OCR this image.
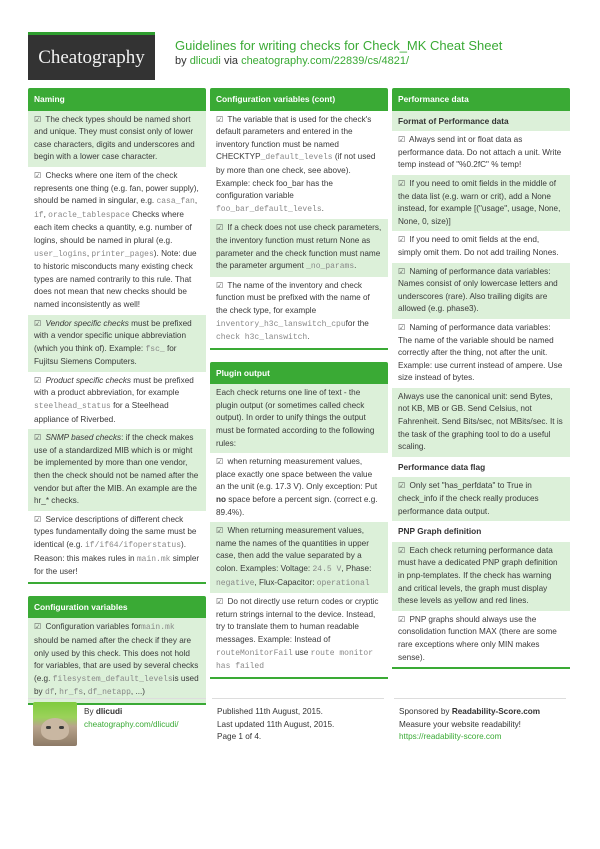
Cheatography
Guidelines for writing checks for Check_MK Cheat Sheet
by dlicudi via cheatography.com/22839/cs/4821/
Naming
☑ The check types should be named short and unique. They must consist only of lower case characters, digits and underscores and begin with a lower case character.
☑ Checks where one item of the check represents one thing (e.g. fan, power supply), should be named in singular, e.g. casa_fan, if, oracle_tablespace Checks where each item checks a quantity, e.g. number of logins, should be named in plural (e.g. user_logins, printer_pages). Note: due to historic misconducts many existing check types are named contrarily to this rule. That does not mean that new checks should be named inconsistently as well!
☑ Vendor specific checks must be prefixed with a vendor specific unique abbreviation (which you think of). Example: fsc_ for Fujitsu Siemens Computers.
☑ Product specific checks must be prefixed with a product abbreviation, for example steelhead_status for a Steelhead appliance of Riverbed.
☑ SNMP based checks: if the check makes use of a standardized MIB which is or might be implemented by more than one vendor, then the check should not be named after the vendor but after the MIB. An example are the hr_* checks.
☑ Service descriptions of different check types fundamentally doing the same must be identical (e.g. if/if64/ifoperstatus). Reason: this makes rules in main.mk simpler for the user!
Configuration variables
☑ Configuration variables formain.mk should be named after the check if they are only used by this check. This does not hold for variables, that are used by several checks (e.g. filesystem_default_levelsis used by df, hr_fs, df_netapp, ...)
Configuration variables (cont)
☑ The variable that is used for the check's default parameters and entered in the inventory function must be named CHECKTYP_default_levels (if not used by more than one check, see above). Example: check foo_bar has the configuration variable foo_bar_default_levels.
☑ If a check does not use check parameters, the inventory function must return None as parameter and the check function must name the parameter argument _no_params.
☑ The name of the inventory and check function must be prefixed with the name of the check type, for example inventory_h3c_lanswitch_cpufor the check h3c_lanswitch.
Plugin output
Each check returns one line of text - the plugin output (or sometimes called check output). In order to unify things the output must be formated according to the following rules:
☑ when returning measurement values, place exactly one space between the value an the unit (e.g. 17.3 V). Only exception: Put no space before a percent sign. (correct e.g. 89.4%).
☑ When returning measurement values, name the names of the quantities in upper case, then add the value separated by a colon. Examples: Voltage: 24.5 V, Phase: negative, Flux-Capacitor: operational
☑ Do not directly use return codes or cryptic return strings internal to the device. Instead, try to translate them to human readable messages. Example: Instead of routeMonitorFail use route monitor has failed
Performance data
Format of Performance data
☑ Always send int or float data as performance data. Do not attach a unit. Write temp instead of "%0.2fC" % temp!
☑ If you need to omit fields in the middle of the data list (e.g. warn or crit), add a None instead, for example [("usage", usage, None, None, 0, size)]
☑ If you need to omit fields at the end, simply omit them. Do not add trailing Nones.
☑ Naming of performance data variables: Names consist of only lowercase letters and underscores (rare). Also trailing digits are allowed (e.g. phase3).
☑ Naming of performance data variables: The name of the variable should be named correctly after the thing, not after the unit. Example: use current instead of ampere. Use size instead of bytes.
Always use the canonical unit: send Bytes, not KB, MB or GB. Send Celsius, not Fahrenheit. Send Bits/sec, not MBits/sec. It is the task of the graphing tool to do a useful scaling.
Performance data flag
☑ Only set "has_perfdata" to True in check_info if the check really produces performance data output.
PNP Graph definition
☑ Each check returning performance data must have a dedicated PNP graph definition in pnp-templates. If the check has warning and critical levels, the graph must display these levels as yellow and red lines.
☑ PNP graphs should always use the consolidation function MAX (there are some rare exceptions where only MIN makes sense).
By dlicudi
cheatography.com/dlicudi/
Published 11th August, 2015.
Last updated 11th August, 2015.
Page 1 of 4.
Sponsored by Readability-Score.com
Measure your website readability!
https://readability-score.com
